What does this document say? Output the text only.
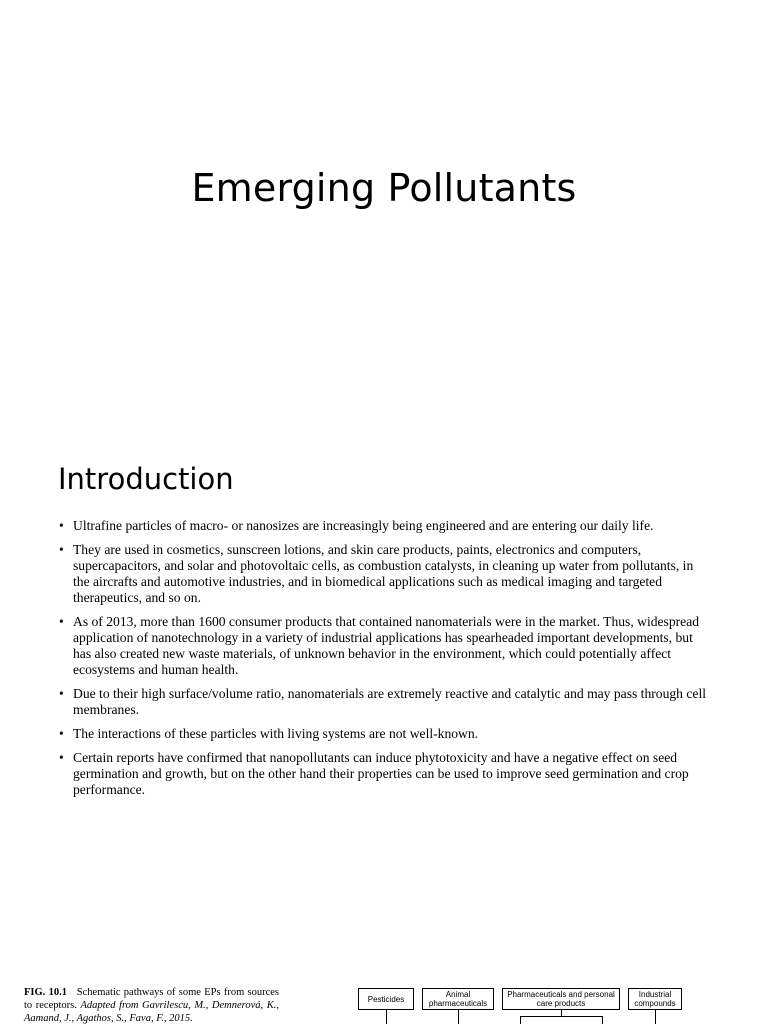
Emerging Pollutants
Introduction
• Ultrafine particles of macro- or nanosizes are increasingly being engineered and are entering our daily life.
• They are used in cosmetics, sunscreen lotions, and skin care products, paints, electronics and computers, supercapacitors, and solar and photovoltaic cells, as combustion catalysts, in cleaning up water from pollutants, in the aircrafts and automotive industries, and in biomedical applications such as medical imaging and targeted therapeutics, and so on.
• As of 2013, more than 1600 consumer products that contained nanomaterials were in the market. Thus, widespread application of nanotechnology in a variety of industrial applications has spearheaded important developments, but has also created new waste materials, of unknown behavior in the environment, which could potentially affect ecosystems and human health.
• Due to their high surface/volume ratio, nanomaterials are extremely reactive and catalytic and may pass through cell membranes.
• The interactions of these particles with living systems are not well-known.
• Certain reports have confirmed that nanopollutants can induce phytotoxicity and have a negative effect on seed germination and growth, but on the other hand their properties can be used to improve seed germination and crop performance.
FIG. 10.1 Schematic pathways of some EPs from sources to receptors. Adapted from Gavrilescu, M., Demnerová, K., Aamand, J., Agathos, S., Fava, F., 2015.
Pesticides	Animal pharmaceuticals
Pharmaceuticals and personal care products
Industrial compounds
